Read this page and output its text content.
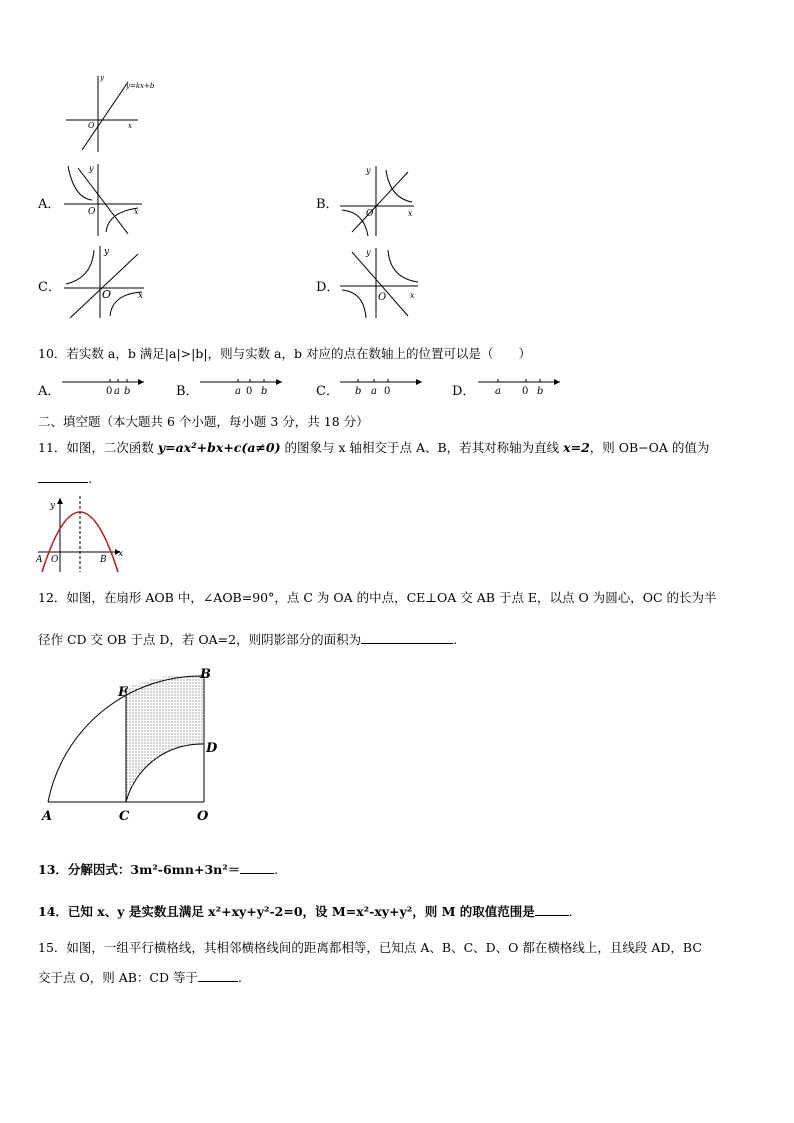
y=kx+b
O	x
y
A．	O	x
y
B．
O	x
y
C．	O	x
y
D．
O	x
y
10．若实数 a，b 满足|a|>|b|，则与实数 a，b 对应的点在数轴上的位置可以是（　　）
A．	0 a b	B．	a 0 b	C． b a 0	D． a 0 b
二、填空题（本大题共 6 个小题，每小题 3 分，共 18 分）
11．如图，二次函数 y=ax²+bx+c(a≠0) 的图象与 x 轴相交于点 A、B，若其对称轴为直线 x=2，则 OB−OA 的值为
.
A O	B
x
y
12．如图，在扇形 AOB 中，∠AOB=90°，点 C 为 OA 的中点，CE⊥OA 交 AB 于点 E，以点 O 为圆心，OC 的长为半
径作 CD 交 OB 于点 D，若 OA=2，则阴影部分的面积为	.
A	C	O
E
B
D
13．分解因式：3m²-6mn+3n²＝	.
14．已知 x、y 是实数且满足 x²+xy+y²-2=0，设 M=x²-xy+y²，则 M 的取值范围是	.
15．如图，一组平行横格线，其相邻横格线间的距离都相等，已知点 A、B、C、D、O 都在横格线上，且线段 AD，BC
交于点 O，则 AB：CD 等于	.
